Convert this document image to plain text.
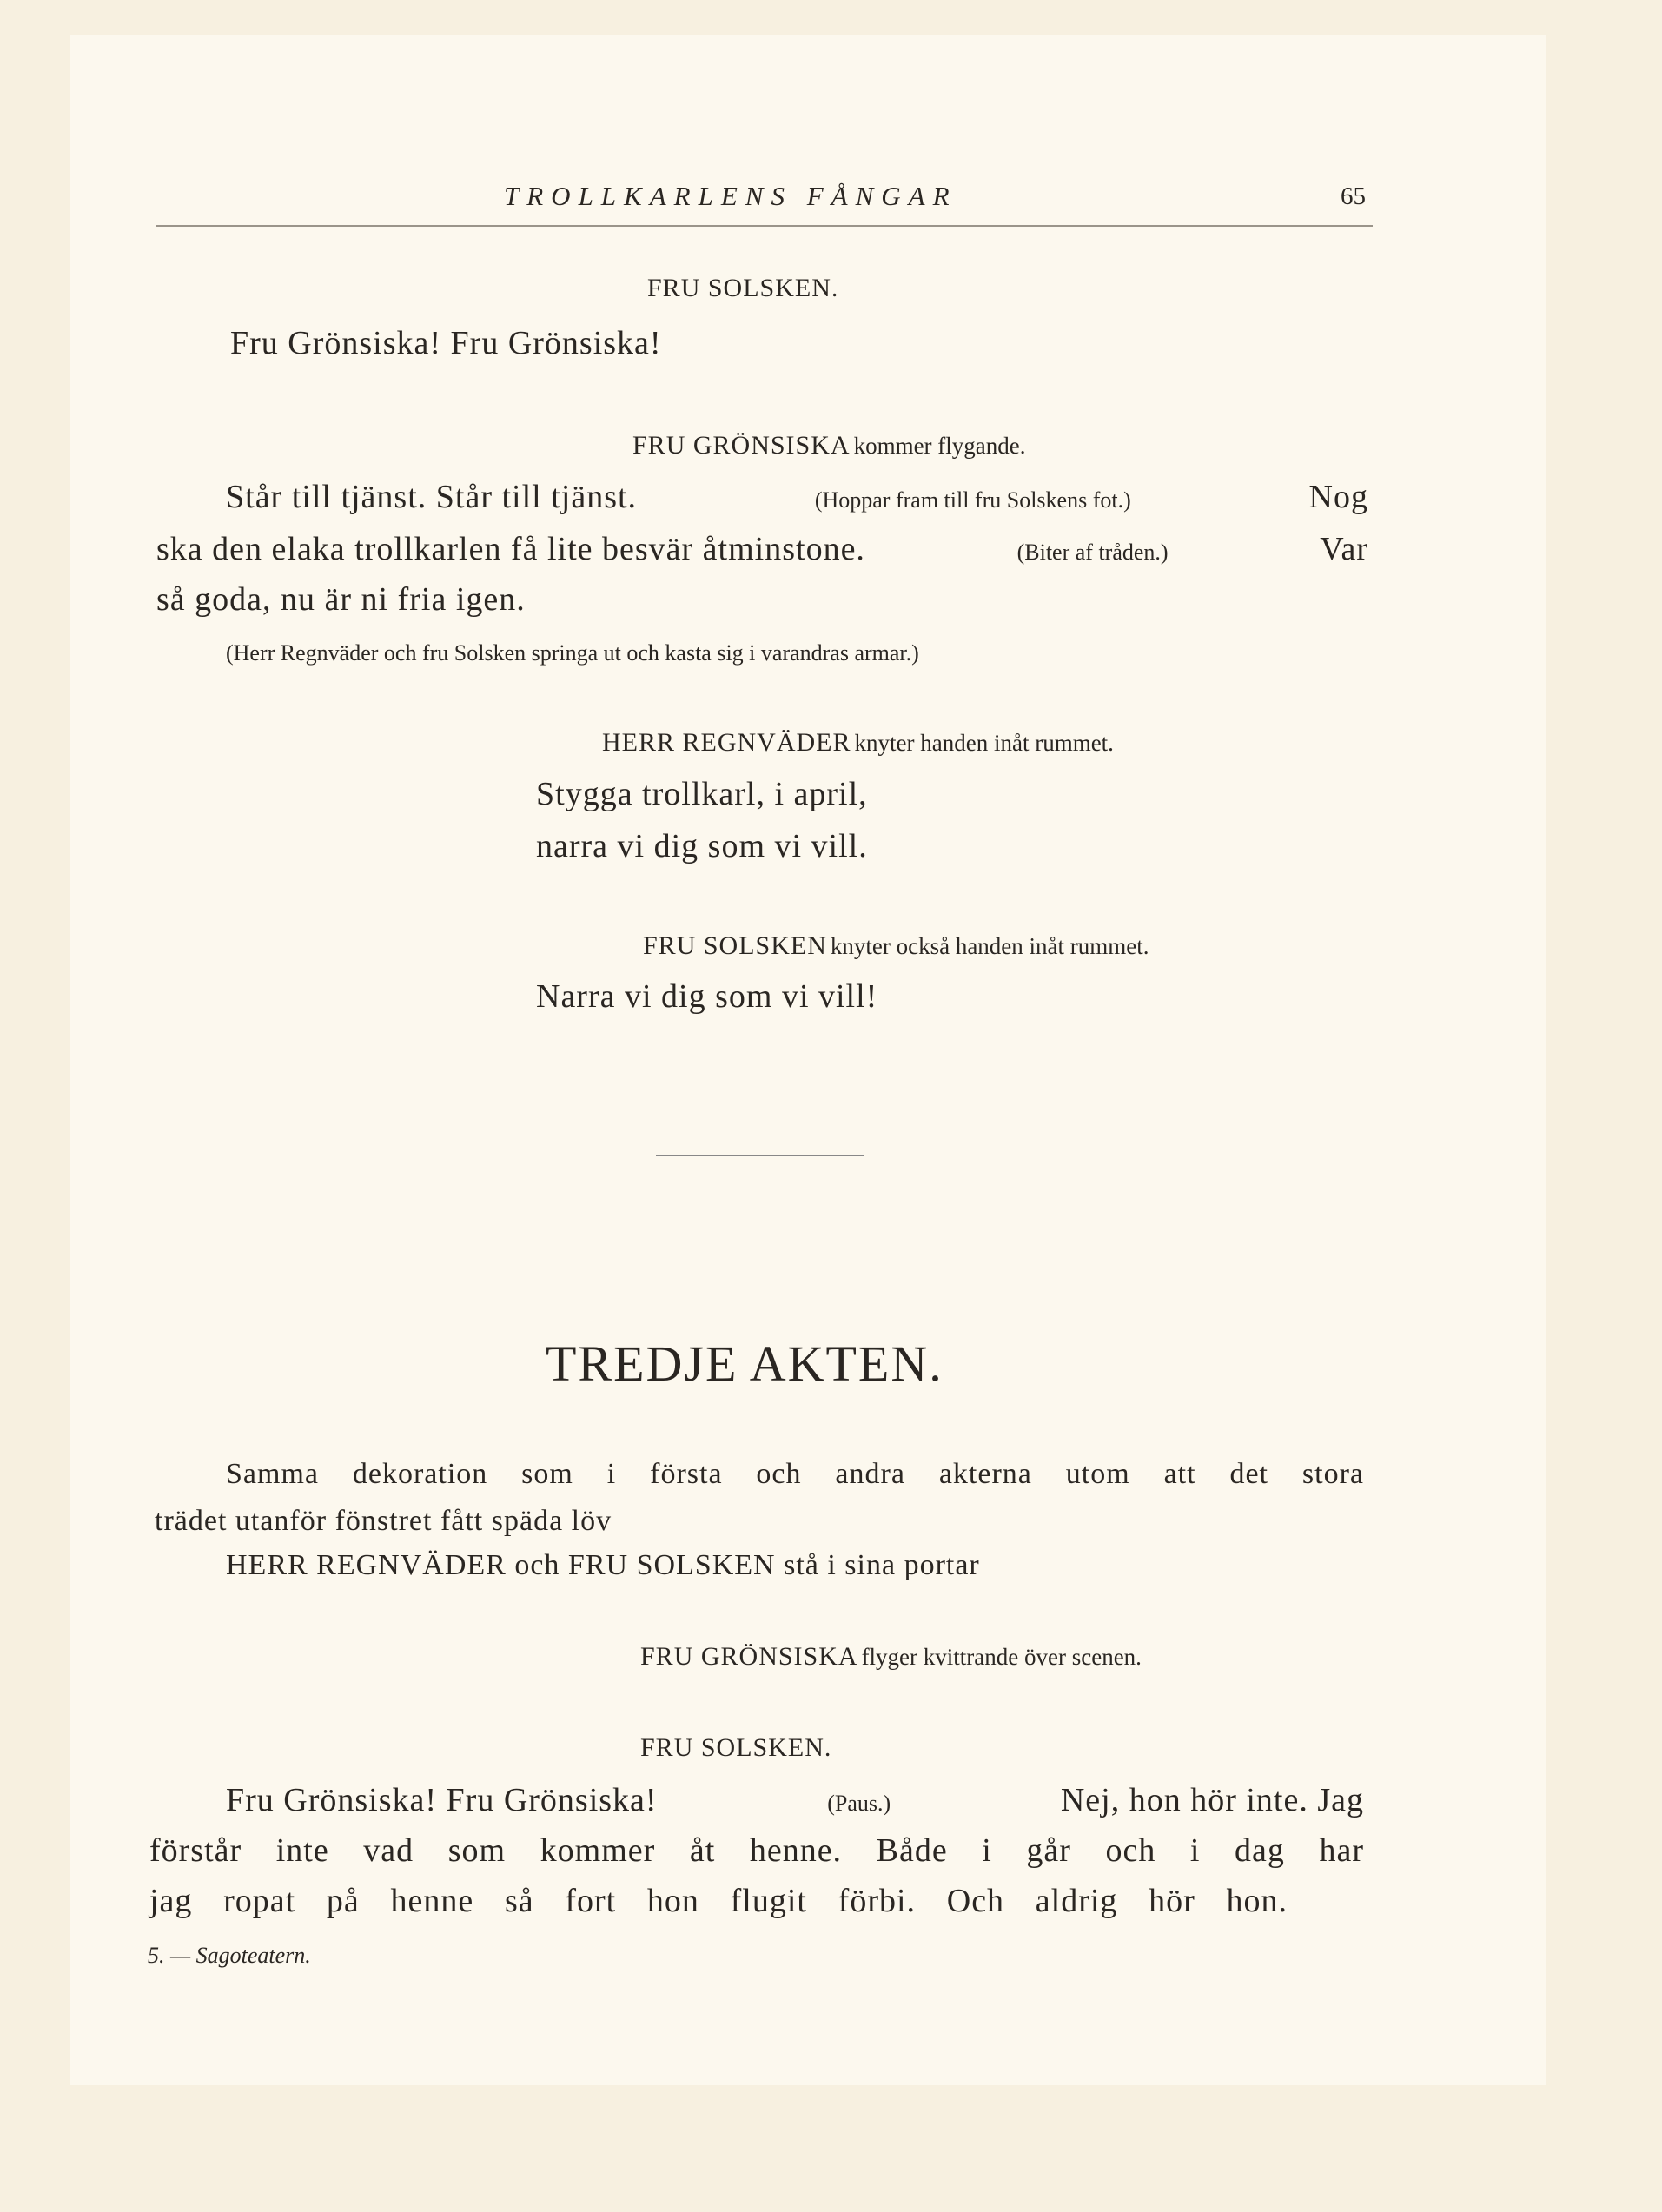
TROLLKARLENS FÅNGAR	65
FRU SOLSKEN.
Fru Grönsiska! Fru Grönsiska!
FRU GRÖNSISKA kommer flygande.
Står till tjänst. Står till tjänst.	(Hoppar fram till fru Solskens fot.)	Nog
ska den elaka trollkarlen få lite besvär åtminstone.	(Biter af tråden.)	Var
så goda, nu är ni fria igen.
(Herr Regnväder och fru Solsken springa ut och kasta sig i varandras armar.)
HERR REGNVÄDER knyter handen inåt rummet.
Stygga trollkarl, i april,
narra vi dig som vi vill.
FRU SOLSKEN knyter också handen inåt rummet.
Narra vi dig som vi vill!
TREDJE AKTEN.
Samma dekoration som i första och andra akterna utom att det stora
trädet utanför fönstret fått späda löv
HERR REGNVÄDER och FRU SOLSKEN stå i sina portar
FRU GRÖNSISKA flyger kvittrande över scenen.
FRU SOLSKEN.
Fru Grönsiska! Fru Grönsiska!	(Paus.)	Nej, hon hör inte. Jag
förstår inte vad som kommer åt henne. Både i går och i dag har
jag ropat på henne så fort hon flugit förbi. Och aldrig hör hon.
5. — Sagoteatern.
